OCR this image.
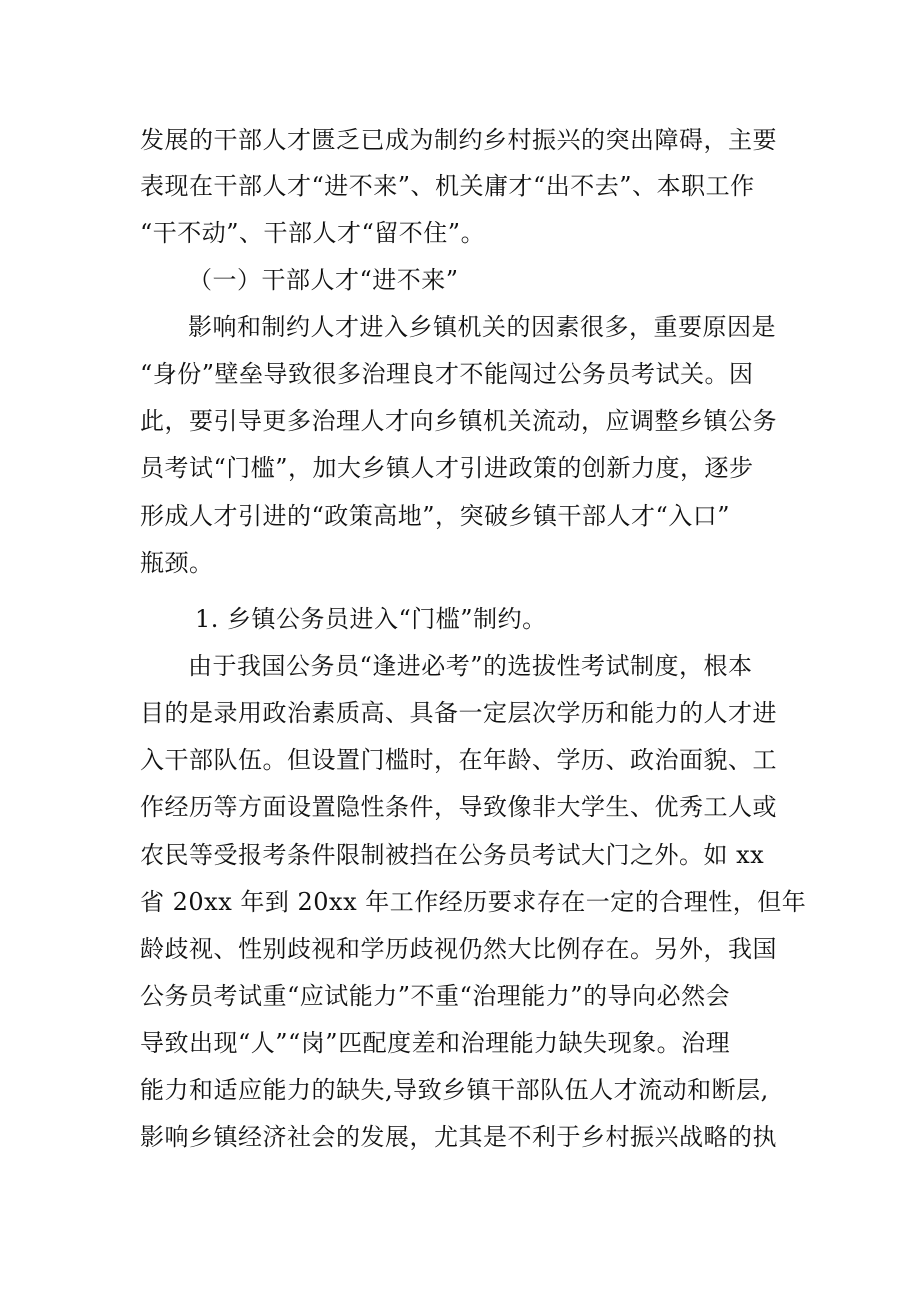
发展的干部人才匮乏已成为制约乡村振兴的突出障碍，主要
表现在干部人才“进不来”、机关庸才“出不去”、本职工作
“干不动”、干部人才“留不住”。
（一）干部人才“进不来”
影响和制约人才进入乡镇机关的因素很多，重要原因是
“身份”壁垒导致很多治理良才不能闯过公务员考试关。因
此，要引导更多治理人才向乡镇机关流动，应调整乡镇公务
员考试“门槛”，加大乡镇人才引进政策的创新力度，逐步
形成人才引进的“政策高地”，突破乡镇干部人才“入口”
瓶颈。
1. 乡镇公务员进入“门槛”制约。
由于我国公务员“逢进必考”的选拔性考试制度，根本
目的是录用政治素质高、具备一定层次学历和能力的人才进
入干部队伍。但设置门槛时，在年龄、学历、政治面貌、工
作经历等方面设置隐性条件，导致像非大学生、优秀工人或
农民等受报考条件限制被挡在公务员考试大门之外。如 xx
省 20xx 年到 20xx 年工作经历要求存在一定的合理性，但年
龄歧视、性别歧视和学历歧视仍然大比例存在。另外，我国
公务员考试重“应试能力”不重“治理能力”的导向必然会
导致出现“人”“岗”匹配度差和治理能力缺失现象。治理
能力和适应能力的缺失,导致乡镇干部队伍人才流动和断层,
影响乡镇经济社会的发展，尤其是不利于乡村振兴战略的执
